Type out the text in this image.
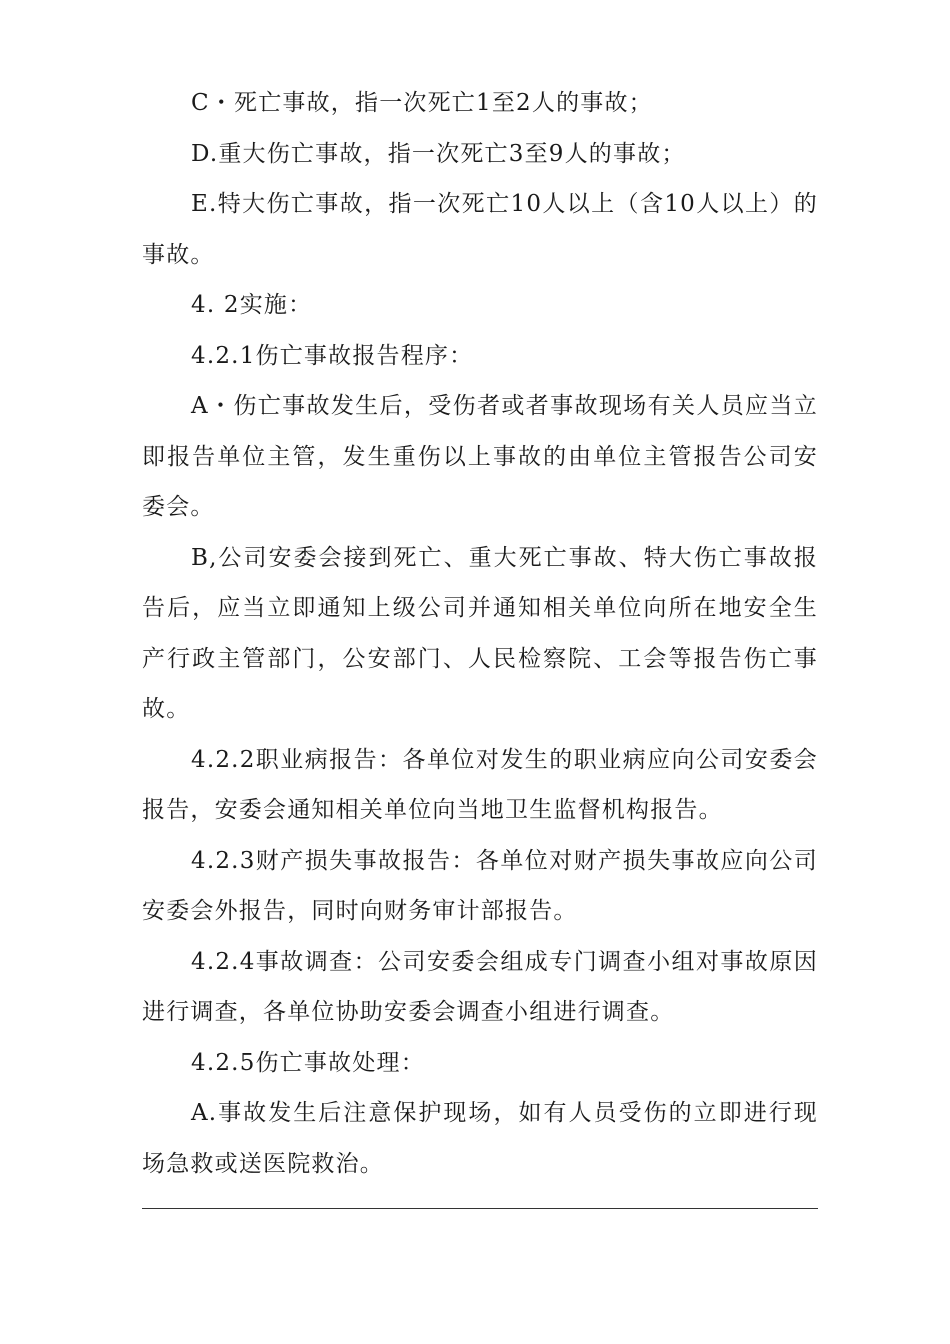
C・死亡事故，指一次死亡1至2人的事故；

D.重大伤亡事故，指一次死亡3至9人的事故；

E.特大伤亡事故，指一次死亡10人以上（含10人以上）的事故。

4. 2实施：

4.2.1伤亡事故报告程序：

A・伤亡事故发生后，受伤者或者事故现场有关人员应当立即报告单位主管，发生重伤以上事故的由单位主管报告公司安委会。

B,公司安委会接到死亡、重大死亡事故、特大伤亡事故报告后，应当立即通知上级公司并通知相关单位向所在地安全生产行政主管部门，公安部门、人民检察院、工会等报告伤亡事故。

4.2.2职业病报告：各单位对发生的职业病应向公司安委会报告，安委会通知相关单位向当地卫生监督机构报告。

4.2.3财产损失事故报告：各单位对财产损失事故应向公司安委会外报告，同时向财务审计部报告。

4.2.4事故调查：公司安委会组成专门调查小组对事故原因进行调查，各单位协助安委会调查小组进行调查。

4.2.5伤亡事故处理：

A.事故发生后注意保护现场，如有人员受伤的立即进行现场急救或送医院救治。
